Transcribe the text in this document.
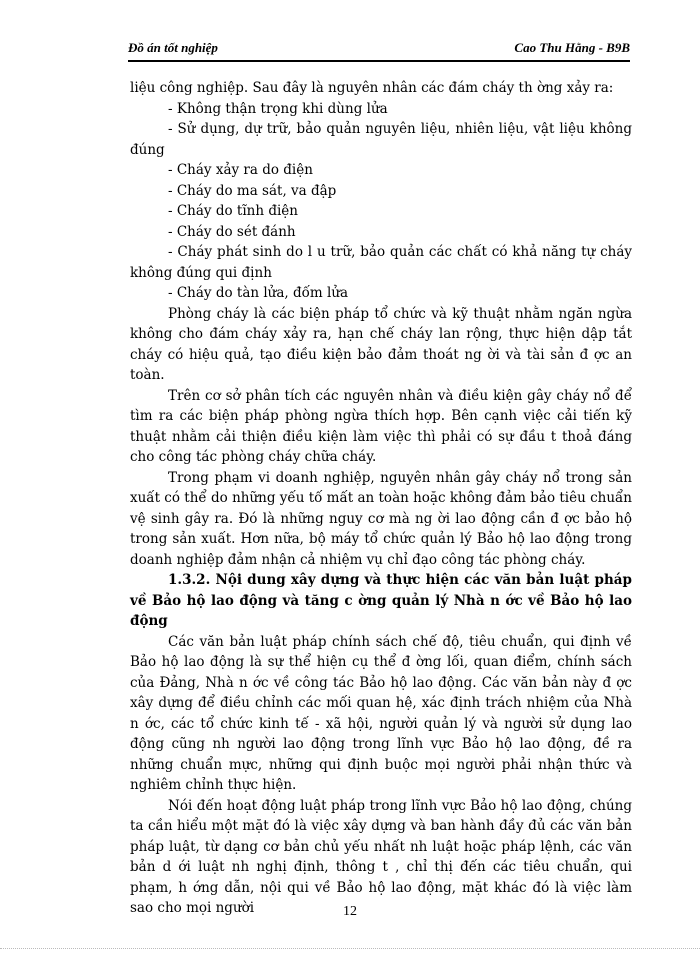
Đồ án tốt nghiệp	Cao Thu Hằng - B9B

liệu công nghiệp. Sau đây là nguyên nhân các đám cháy th ờng xảy ra:

- Không thận trọng khi dùng lửa

- Sử dụng, dự trữ, bảo quản nguyên liệu, nhiên liệu, vật liệu không đúng

- Cháy xảy ra do điện

- Cháy do ma sát, va đập

- Cháy do tĩnh điện

- Cháy do sét đánh

- Cháy phát sinh do l u trữ, bảo quản các chất có khả năng tự cháy không đúng qui định

- Cháy do tàn lửa, đốm lửa

Phòng cháy là các biện pháp tổ chức và kỹ thuật nhằm ngăn ngừa không cho đám cháy xảy ra, hạn chế cháy lan rộng, thực hiện dập tắt cháy có hiệu quả, tạo điều kiện bảo đảm thoát ng ời và tài sản đ ợc an toàn.

Trên cơ sở phân tích các nguyên nhân và điều kiện gây cháy nổ để tìm ra các biện pháp phòng ngừa thích hợp. Bên cạnh việc cải tiến kỹ thuật nhằm cải thiện điều kiện làm việc thì phải có sự đầu t thoả đáng cho công tác phòng cháy chữa cháy.

Trong phạm vi doanh nghiệp, nguyên nhân gây cháy nổ trong sản xuất có thể do những yếu tố mất an toàn hoặc không đảm bảo tiêu chuẩn vệ sinh gây ra. Đó là những nguy cơ mà ng ời lao động cần đ ợc bảo hộ trong sản xuất. Hơn nữa, bộ máy tổ chức quản lý Bảo hộ lao động trong doanh nghiệp đảm nhận cả nhiệm vụ chỉ đạo công tác phòng cháy.

1.3.2. Nội dung xây dựng và thực hiện các văn bản luật pháp về Bảo hộ lao động và tăng c ờng quản lý Nhà n ớc về Bảo hộ lao động

Các văn bản luật pháp chính sách chế độ, tiêu chuẩn, qui định về Bảo hộ lao động là sự thể hiện cụ thể đ ờng lối, quan điểm, chính sách của Đảng, Nhà n ớc về công tác Bảo hộ lao động. Các văn bản này đ ợc xây dựng để điều chỉnh các mối quan hệ, xác định trách nhiệm của Nhà n ớc, các tổ chức kinh tế - xã hội, người quản lý và người sử dụng lao động cũng nh người lao động trong lĩnh vực Bảo hộ lao động, đề ra những chuẩn mực, những qui định buộc mọi người phải nhận thức và nghiêm chỉnh thực hiện.

Nói đến hoạt động luật pháp trong lĩnh vực Bảo hộ lao động, chúng ta cần hiểu một mặt đó là việc xây dựng và ban hành đầy đủ các văn bản pháp luật, từ dạng cơ bản chủ yếu nhất nh luật hoặc pháp lệnh, các văn bản d ới luật nh nghị định, thông t , chỉ thị đến các tiêu chuẩn, qui phạm, h ớng dẫn, nội qui về Bảo hộ lao động, mặt khác đó là việc làm sao cho mọi người	12
